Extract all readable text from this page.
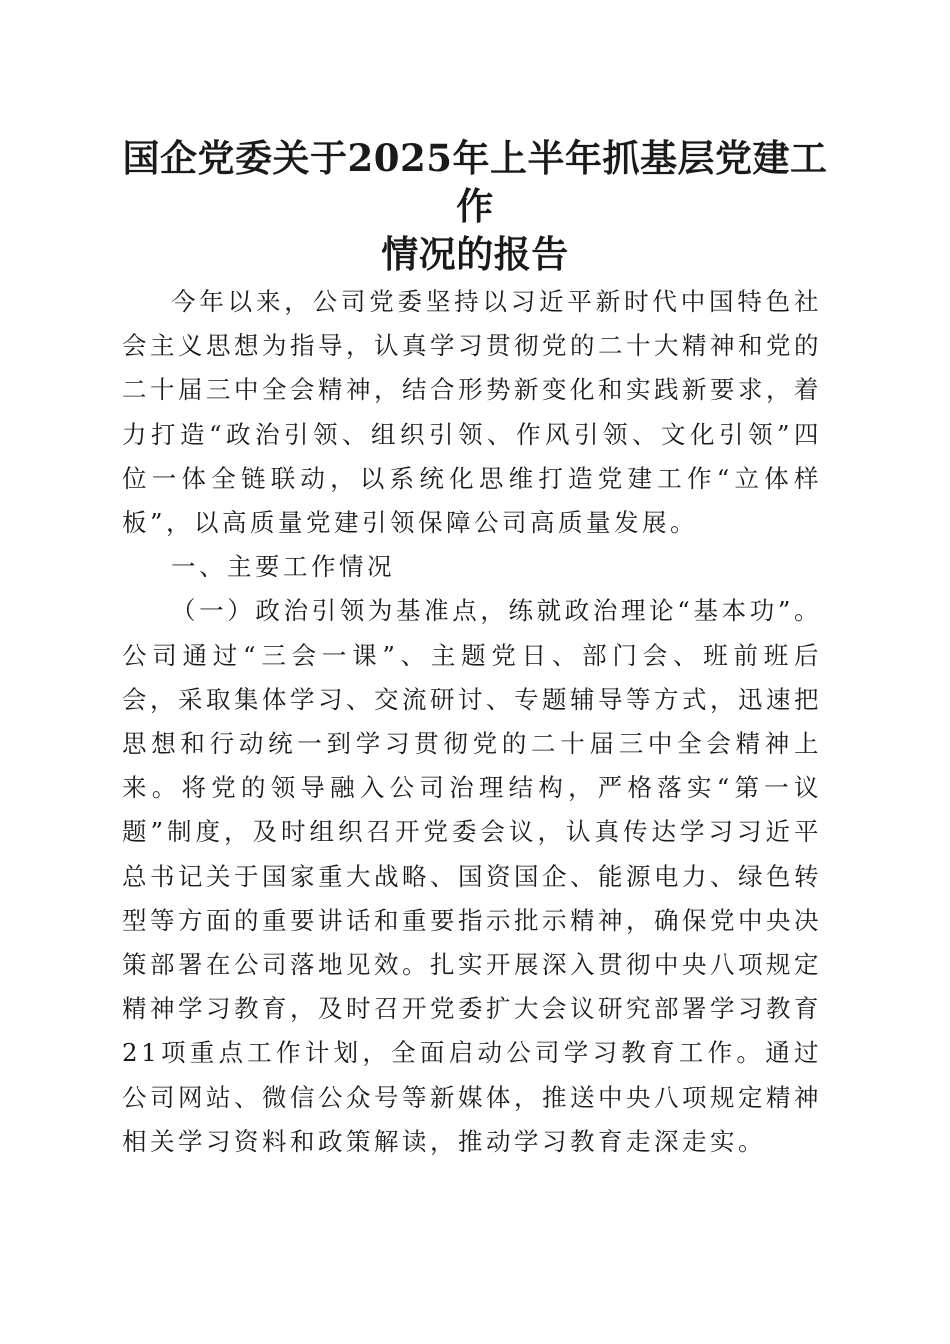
国企党委关于2025年上半年抓基层党建工作
情况的报告

今年以来，公司党委坚持以习近平新时代中国特色社会主义思想为指导，认真学习贯彻党的二十大精神和党的二十届三中全会精神，结合形势新变化和实践新要求，着力打造“政治引领、组织引领、作风引领、文化引领”四位一体全链联动，以系统化思维打造党建工作“立体样板”，以高质量党建引领保障公司高质量发展。

一、主要工作情况

（一）政治引领为基准点，练就政治理论“基本功”。公司通过“三会一课”、主题党日、部门会、班前班后会，采取集体学习、交流研讨、专题辅导等方式，迅速把思想和行动统一到学习贯彻党的二十届三中全会精神上来。将党的领导融入公司治理结构，严格落实“第一议题”制度，及时组织召开党委会议，认真传达学习习近平总书记关于国家重大战略、国资国企、能源电力、绿色转型等方面的重要讲话和重要指示批示精神，确保党中央决策部署在公司落地见效。扎实开展深入贯彻中央八项规定精神学习教育，及时召开党委扩大会议研究部署学习教育21项重点工作计划，全面启动公司学习教育工作。通过公司网站、微信公众号等新媒体，推送中央八项规定精神相关学习资料和政策解读，推动学习教育走深走实。
